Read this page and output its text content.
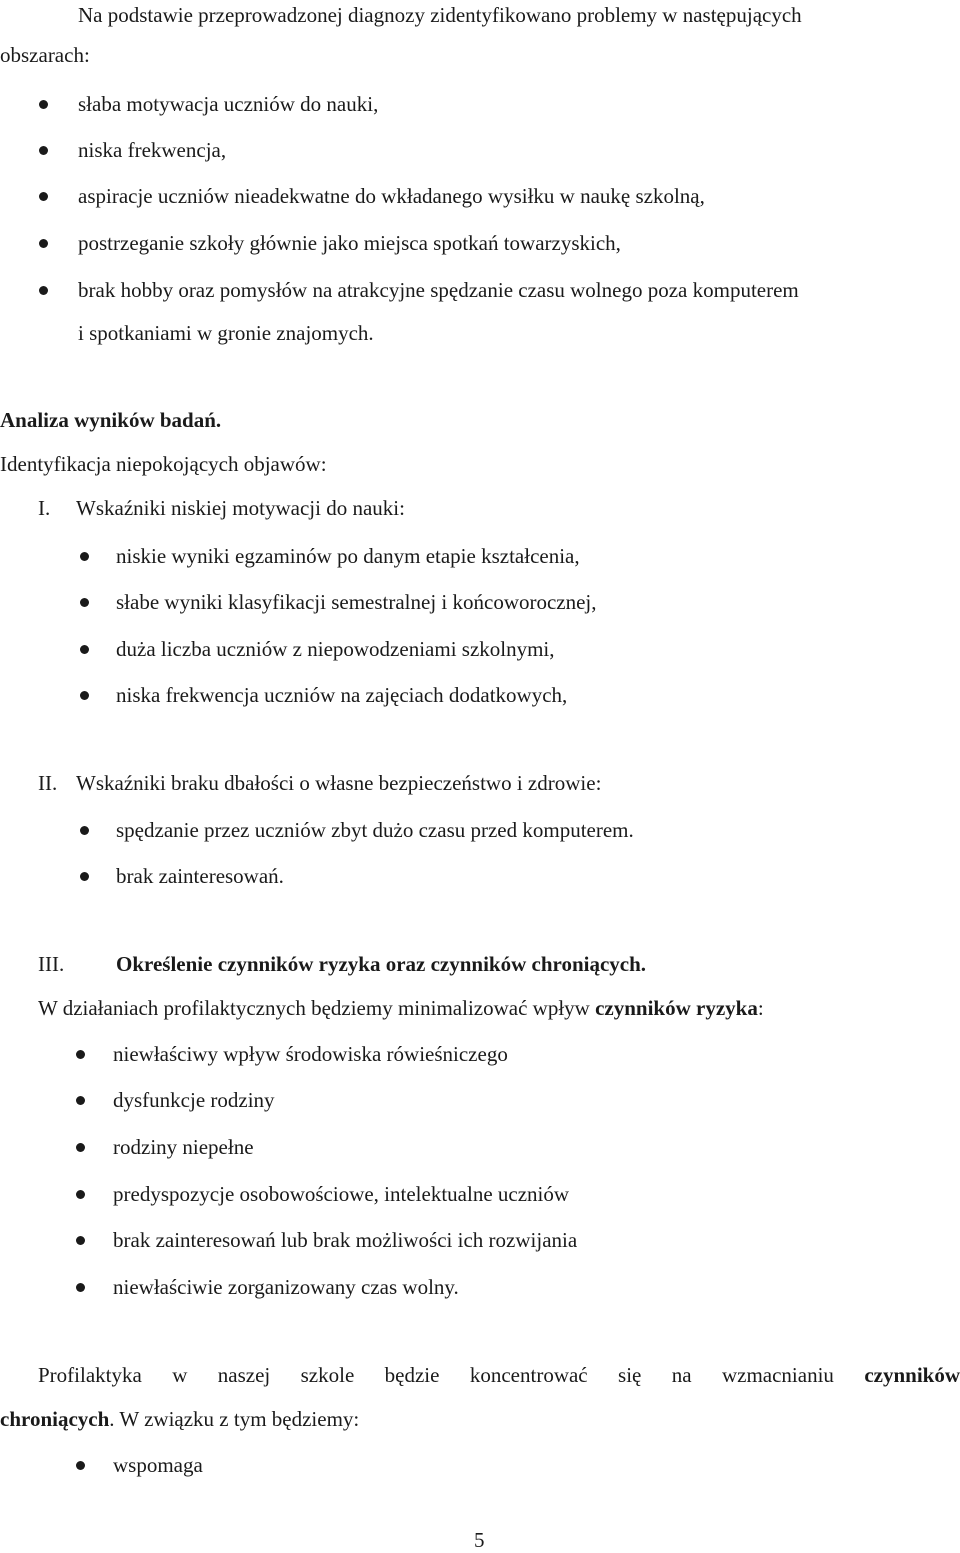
Na podstawie przeprowadzonej diagnozy zidentyfikowano problemy w następujących
obszarach:
słaba motywacja uczniów do nauki,
niska frekwencja,
aspiracje uczniów nieadekwatne do wkładanego wysiłku w naukę szkolną,
postrzeganie szkoły głównie jako miejsca spotkań towarzyskich,
brak hobby oraz pomysłów na atrakcyjne spędzanie czasu wolnego poza komputerem
i spotkaniami w gronie znajomych.
Analiza wyników badań.
Identyfikacja niepokojących objawów:
I. Wskaźniki niskiej motywacji do nauki:
niskie wyniki egzaminów po danym etapie kształcenia,
słabe wyniki klasyfikacji semestralnej i końcoworocznej,
duża liczba uczniów z niepowodzeniami szkolnymi,
niska frekwencja uczniów na zajęciach dodatkowych,
II. Wskaźniki braku dbałości o własne bezpieczeństwo i zdrowie:
spędzanie przez uczniów zbyt dużo czasu przed komputerem.
brak zainteresowań.
III. Określenie czynników ryzyka oraz czynników chroniących.
W działaniach profilaktycznych będziemy minimalizować wpływ czynników ryzyka:
niewłaściwy wpływ środowiska rówieśniczego
dysfunkcje rodziny
rodziny niepełne
predyspozycje osobowościowe, intelektualne uczniów
brak zainteresowań lub brak możliwości ich rozwijania
niewłaściwie zorganizowany czas wolny.
Profilaktyka w naszej szkole będzie koncentrować się na wzmacnianiu czynników
chroniących. W związku z tym będziemy:
wspomaga
5
